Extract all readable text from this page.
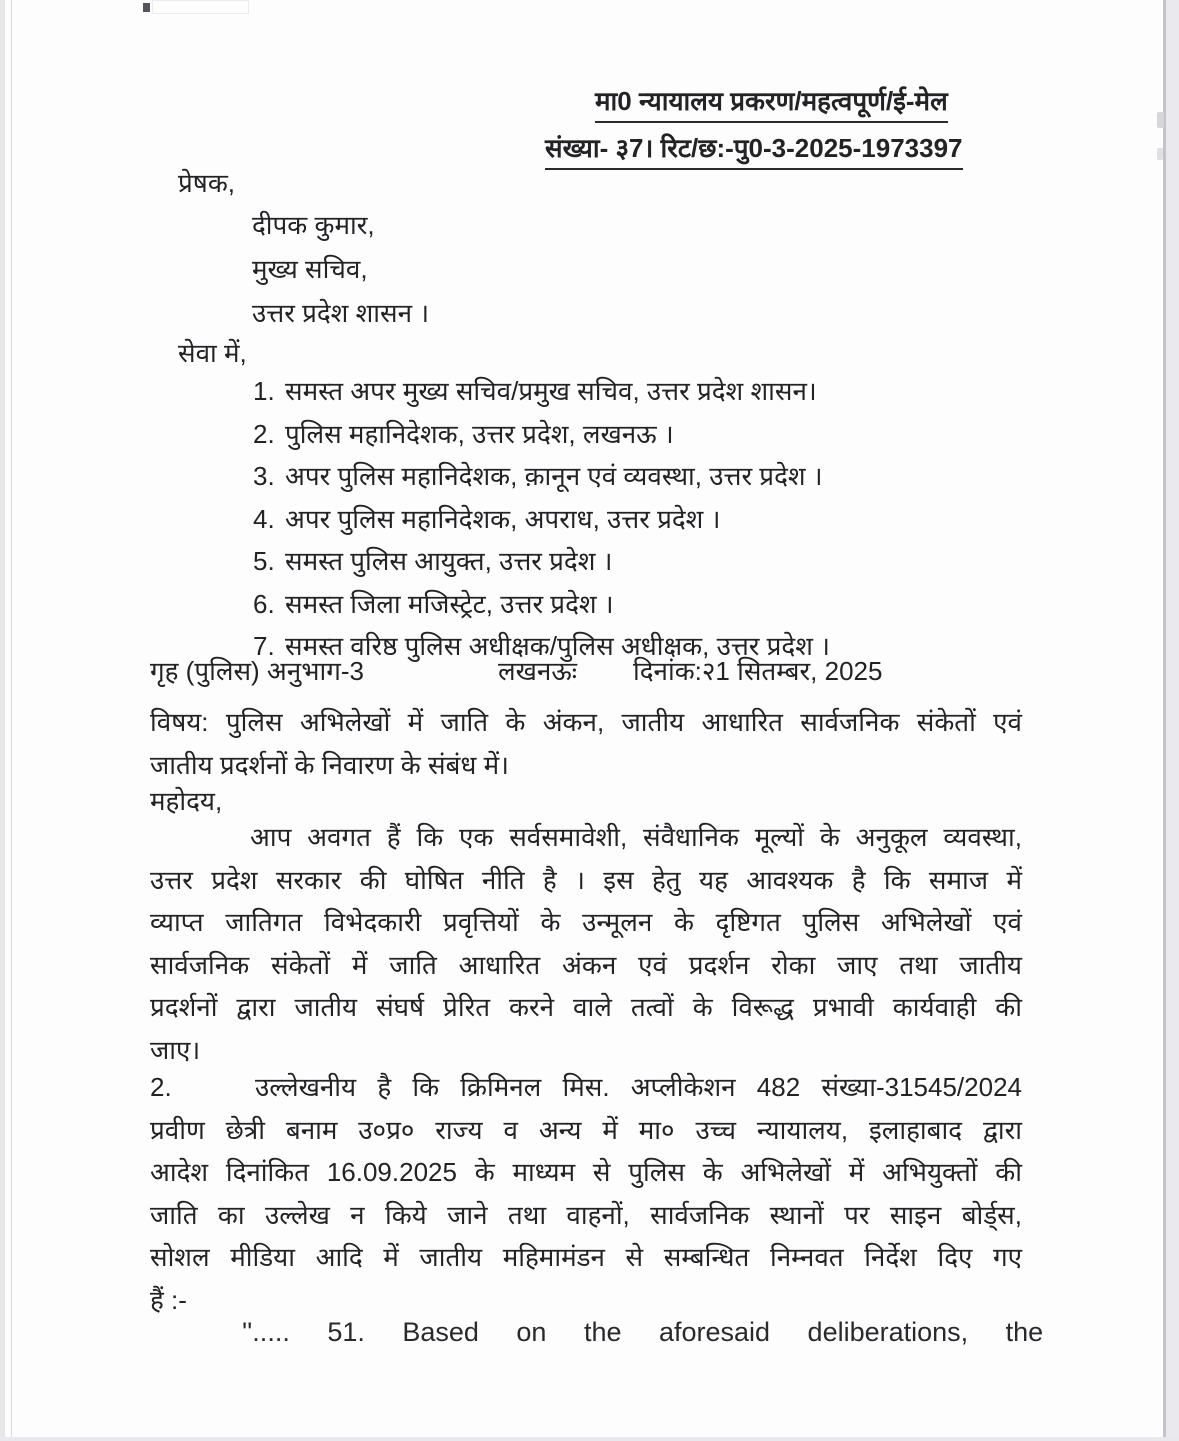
मा0 न्यायालय प्रकरण/महत्वपूर्ण/ई-मेल
संख्या- ३7। रिट/छ:-पु0-3-2025-1973397
प्रेषक,
दीपक कुमार,
मुख्य सचिव,
उत्तर प्रदेश शासन ।
सेवा में,
1. समस्त अपर मुख्य सचिव/प्रमुख सचिव, उत्तर प्रदेश शासन।
2. पुलिस महानिदेशक, उत्तर प्रदेश, लखनऊ ।
3. अपर पुलिस महानिदेशक, क़ानून एवं व्यवस्था, उत्तर प्रदेश ।
4. अपर पुलिस महानिदेशक, अपराध, उत्तर प्रदेश ।
5. समस्त पुलिस आयुक्त, उत्तर प्रदेश ।
6. समस्त जिला मजिस्ट्रेट, उत्तर प्रदेश ।
7. समस्त वरिष्ठ पुलिस अधीक्षक/पुलिस अधीक्षक, उत्तर प्रदेश ।
गृह (पुलिस) अनुभाग-3	लखनऊः दिनांक:२1 सितम्बर, 2025
विषय: पुलिस अभिलेखों में जाति के अंकन, जातीय आधारित सार्वजनिक संकेतों एवं
जातीय प्रदर्शनों के निवारण के संबंध में।
महोदय,
आप अवगत हैं कि एक सर्वसमावेशी, संवैधानिक मूल्यों के अनुकूल व्यवस्था,
उत्तर प्रदेश सरकार की घोषित नीति है । इस हेतु यह आवश्यक है कि समाज में
व्याप्त जातिगत विभेदकारी प्रवृत्तियों के उन्मूलन के दृष्टिगत पुलिस अभिलेखों एवं
सार्वजनिक संकेतों में जाति आधारित अंकन एवं प्रदर्शन रोका जाए तथा जातीय
प्रदर्शनों द्वारा जातीय संघर्ष प्रेरित करने वाले तत्वों के विरूद्ध प्रभावी कार्यवाही की
जाए।
2.	उल्लेखनीय है कि क्रिमिनल मिस. अप्लीकेशन 482 संख्या-31545/2024
प्रवीण छेत्री बनाम उ०प्र० राज्य व अन्य में मा० उच्च न्यायालय, इलाहाबाद द्वारा
आदेश दिनांकित 16.09.2025 के माध्यम से पुलिस के अभिलेखों में अभियुक्तों की
जाति का उल्लेख न किये जाने तथा वाहनों, सार्वजनिक स्थानों पर साइन बोर्ड्स,
सोशल मीडिया आदि में जातीय महिमामंडन से सम्बन्धित निम्नवत निर्देश दिए गए
हैं :-
''..... 51. Based on the aforesaid deliberations, the
